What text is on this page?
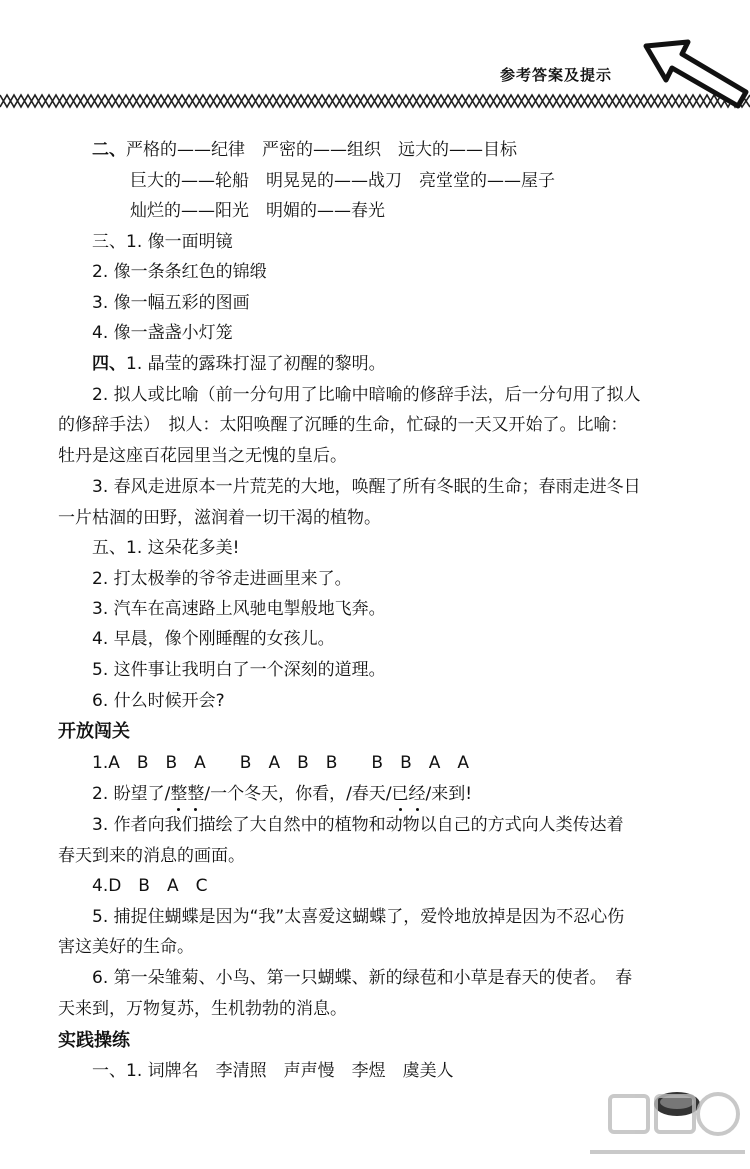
参考答案及提示
二、严格的——纪律　严密的——组织　远大的——目标
巨大的——轮船　明晃晃的——战刀　亮堂堂的——屋子
灿烂的——阳光　明媚的——春光
三、1. 像一面明镜
2. 像一条条红色的锦缎
3. 像一幅五彩的图画
4. 像一盏盏小灯笼
四、1. 晶莹的露珠打湿了初醒的黎明。
2. 拟人或比喻（前一分句用了比喻中暗喻的修辞手法，后一分句用了拟人
的修辞手法）　拟人：太阳唤醒了沉睡的生命，忙碌的一天又开始了。比喻：
牡丹是这座百花园里当之无愧的皇后。
3. 春风走进原本一片荒芜的大地，唤醒了所有冬眠的生命；春雨走进冬日
一片枯涸的田野，滋润着一切干渴的植物。
五、1. 这朵花多美!
2. 打太极拳的爷爷走进画里来了。
3. 汽车在高速路上风驰电掣般地飞奔。
4. 早晨，像个刚睡醒的女孩儿。
5. 这件事让我明白了一个深刻的道理。
6. 什么时候开会?
开放闯关
1.A　B　B　A　　B　A　B　B　　B　B　A　A
2. 盼望了/整整/一个冬天，你看，/春天/已经/来到!
3. 作者向我们描绘了大自然中的植物和动物以自己的方式向人类传达着
春天到来的消息的画面。
4.D　B　A　C
5. 捕捉住蝴蝶是因为“我”太喜爱这蝴蝶了，爱怜地放掉是因为不忍心伤
害这美好的生命。
6. 第一朵雏菊、小鸟、第一只蝴蝶、新的绿苞和小草是春天的使者。　春
天来到，万物复苏，生机勃勃的消息。
实践操练
一、1. 词牌名　李清照　声声慢　李煜　虞美人
